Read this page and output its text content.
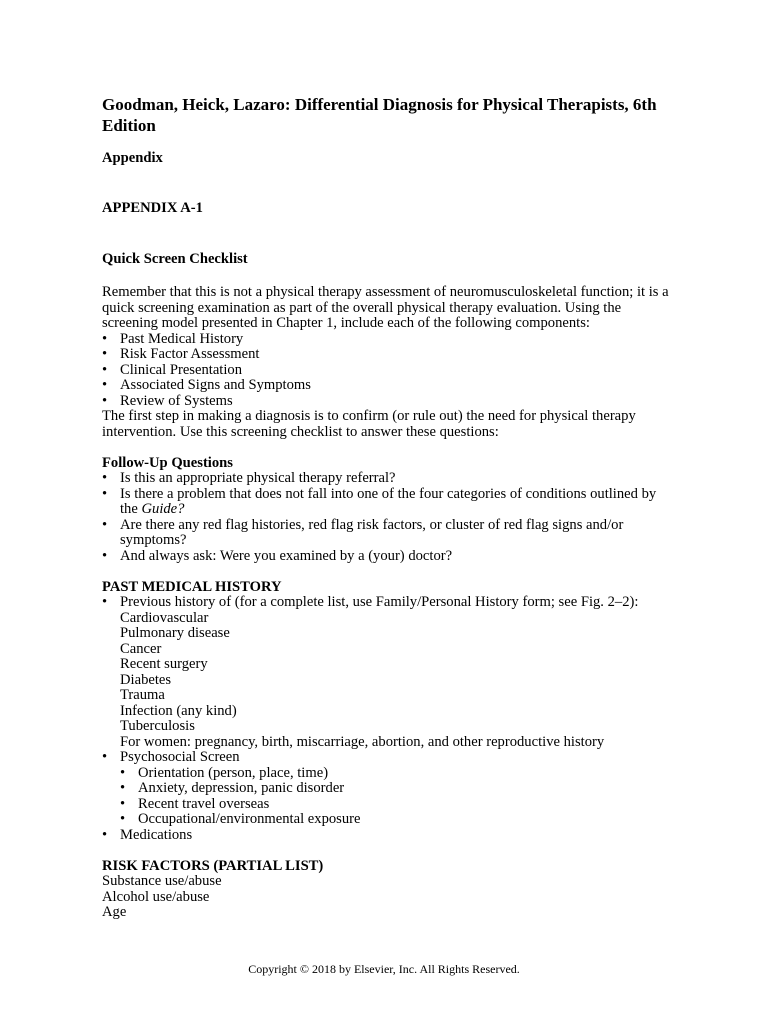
Goodman, Heick, Lazaro: Differential Diagnosis for Physical Therapists, 6th Edition

Appendix

APPENDIX A-1

Quick Screen Checklist

Remember that this is not a physical therapy assessment of neuromusculoskeletal function; it is a quick screening examination as part of the overall physical therapy evaluation. Using the screening model presented in Chapter 1, include each of the following components:

• Past Medical History
• Risk Factor Assessment
• Clinical Presentation
• Associated Signs and Symptoms
• Review of Systems

The first step in making a diagnosis is to confirm (or rule out) the need for physical therapy intervention. Use this screening checklist to answer these questions:

Follow-Up Questions

• Is this an appropriate physical therapy referral?
• Is there a problem that does not fall into one of the four categories of conditions outlined by the Guide?
• Are there any red flag histories, red flag risk factors, or cluster of red flag signs and/or symptoms?
• And always ask: Were you examined by a (your) doctor?

PAST MEDICAL HISTORY

• Previous history of (for a complete list, use Family/Personal History form; see Fig. 2–2):
Cardiovascular
Pulmonary disease
Cancer
Recent surgery
Diabetes
Trauma
Infection (any kind)
Tuberculosis
For women: pregnancy, birth, miscarriage, abortion, and other reproductive history
• Psychosocial Screen
• Orientation (person, place, time)
• Anxiety, depression, panic disorder
• Recent travel overseas
• Occupational/environmental exposure
• Medications

RISK FACTORS (PARTIAL LIST)

Substance use/abuse
Alcohol use/abuse
Age
Copyright © 2018 by Elsevier, Inc. All Rights Reserved.
